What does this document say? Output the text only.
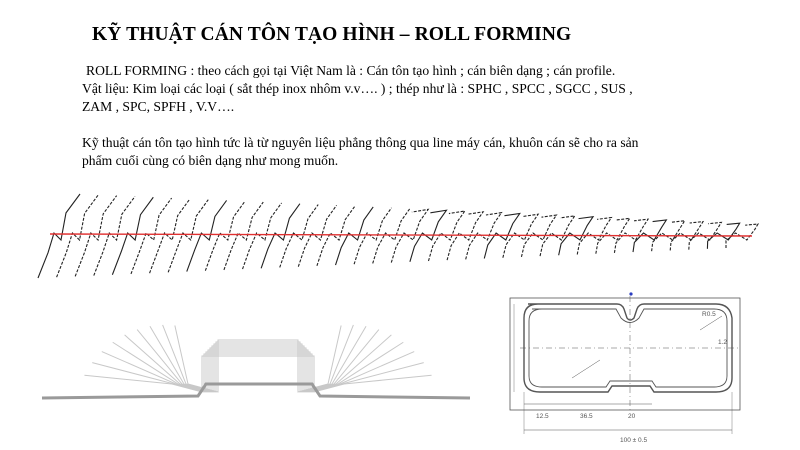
KỸ THUẬT CÁN TÔN TẠO HÌNH – ROLL FORMING
ROLL FORMING : theo cách gọi tại Việt Nam là : Cán tôn tạo hình ; cán biên dạng ; cán profile.
Vật liệu: Kim loại các loại ( sắt thép inox nhôm v.v…. ) ; thép như là : SPHC , SPCC , SGCC , SUS ,
ZAM , SPC, SPFH , V.V….
Kỹ thuật cán tôn tạo hình tức là từ nguyên liệu phẳng thông qua line máy cán, khuôn cán sẽ cho ra sản
phẩm cuối cùng có biên dạng như mong muốn.
12.5	36.5	20
100 ± 0.5
1.2
R0.5
